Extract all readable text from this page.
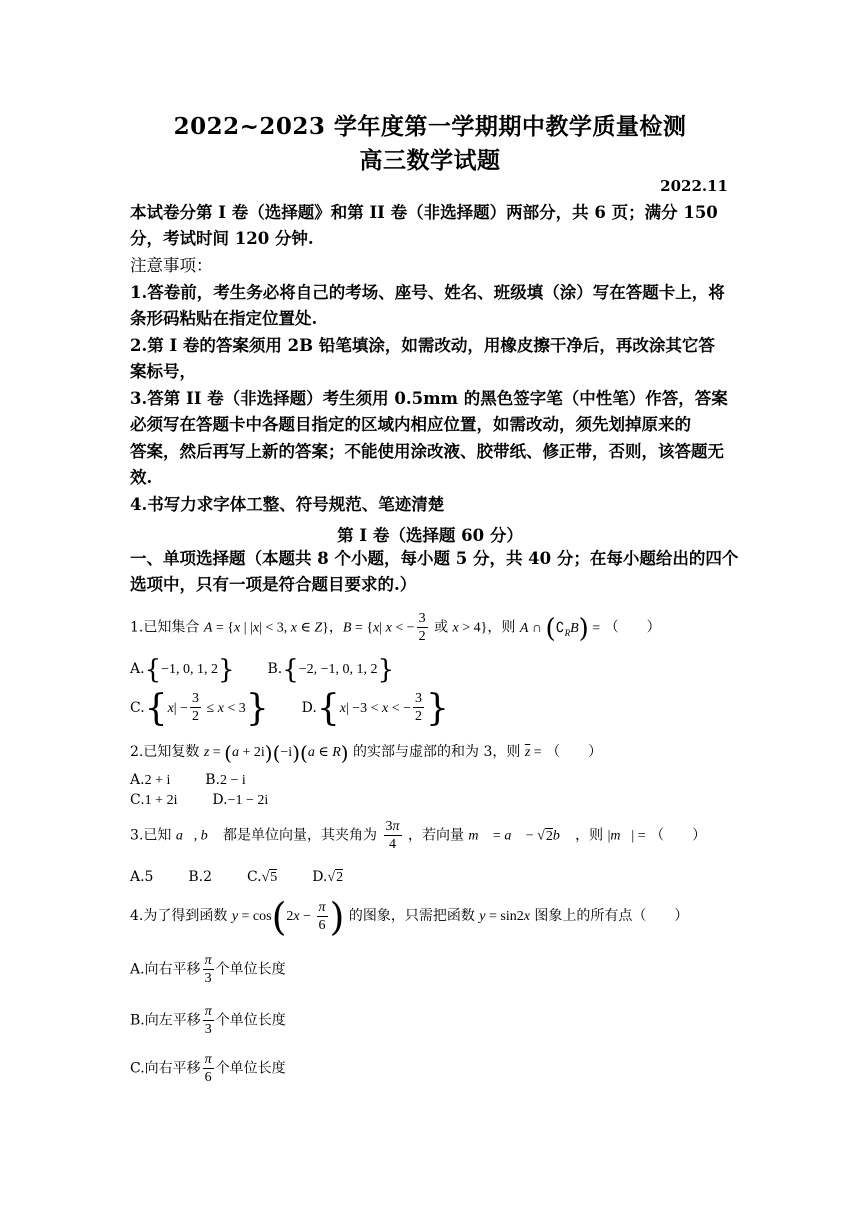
2022~2023 学年度第一学期期中教学质量检测
高三数学试题
2022.11
本试卷分第 I 卷（选择题》和第 II 卷（非选择题）两部分，共 6 页；满分 150
分，考试时间 120 分钟.
注意事项：
1.答卷前，考生务必将自己的考场、座号、姓名、班级填（涂）写在答题卡上，将
条形码粘贴在指定位置处.
2.第 I 卷的答案须用 2B 铅笔填涂，如需改动，用橡皮擦干净后，再改涂其它答
案标号，
3.答第 II 卷（非选择题）考生须用 0.5mm 的黑色签字笔（中性笔）作答，答案
必须写在答题卡中各题目指定的区域内相应位置，如需改动，须先划掉原来的
答案，然后再写上新的答案；不能使用涂改液、胶带纸、修正带，否则，该答题无
效.
4.书写力求字体工整、符号规范、笔迹清楚
第 I 卷（选择题 60 分）
一、单项选择题（本题共 8 个小题，每小题 5 分，共 40 分；在每小题给出的四个
选项中，只有一项是符合题目要求的.）
1.已知集合 A = {x | |x| < 3, x ∈ Z}，B = {x| x < − $\frac{3}{2}$ 或 x > 4}，则 A ∩ $(∁_RB)$ = （　　）
A.{−1, 0, 1, 2} B.{−2, −1, 0, 1, 2}
$C.\{x| - \frac{3}{2} \le x < 3\}$ D.{x| −3 < x < − $\frac{3}{2}$ }
2.已知复数 z = (a + 2i)(−i)(a ∈ R) 的实部与虚部的和为 3，则 $\overline{z}$ = （　　）
A.2 + i B.2 − i
C.1 + 2i D.−1 − 2i
3.已知 a⃗, b⃗ 都是单位向量，其夹角为 $\frac{3\pi}{4}$ ，若向量 m⃗ = a⃗ − √2b⃗ ，则 |m⃗| = （　　）
A.5 B.2 C.√5 D.√2
4.为了得到函数 $y = \cos(2x - \frac{\pi}{6}$ ) 的图象，只需把函数 y = sin2x 图象上的所有点（　　）
A.向右平移 $\frac{\pi}{3}$ 个单位长度
B.向左平移 $\frac{\pi}{3}$ 个单位长度
C.向右平移 $\frac{\pi}{6}$ 个单位长度
